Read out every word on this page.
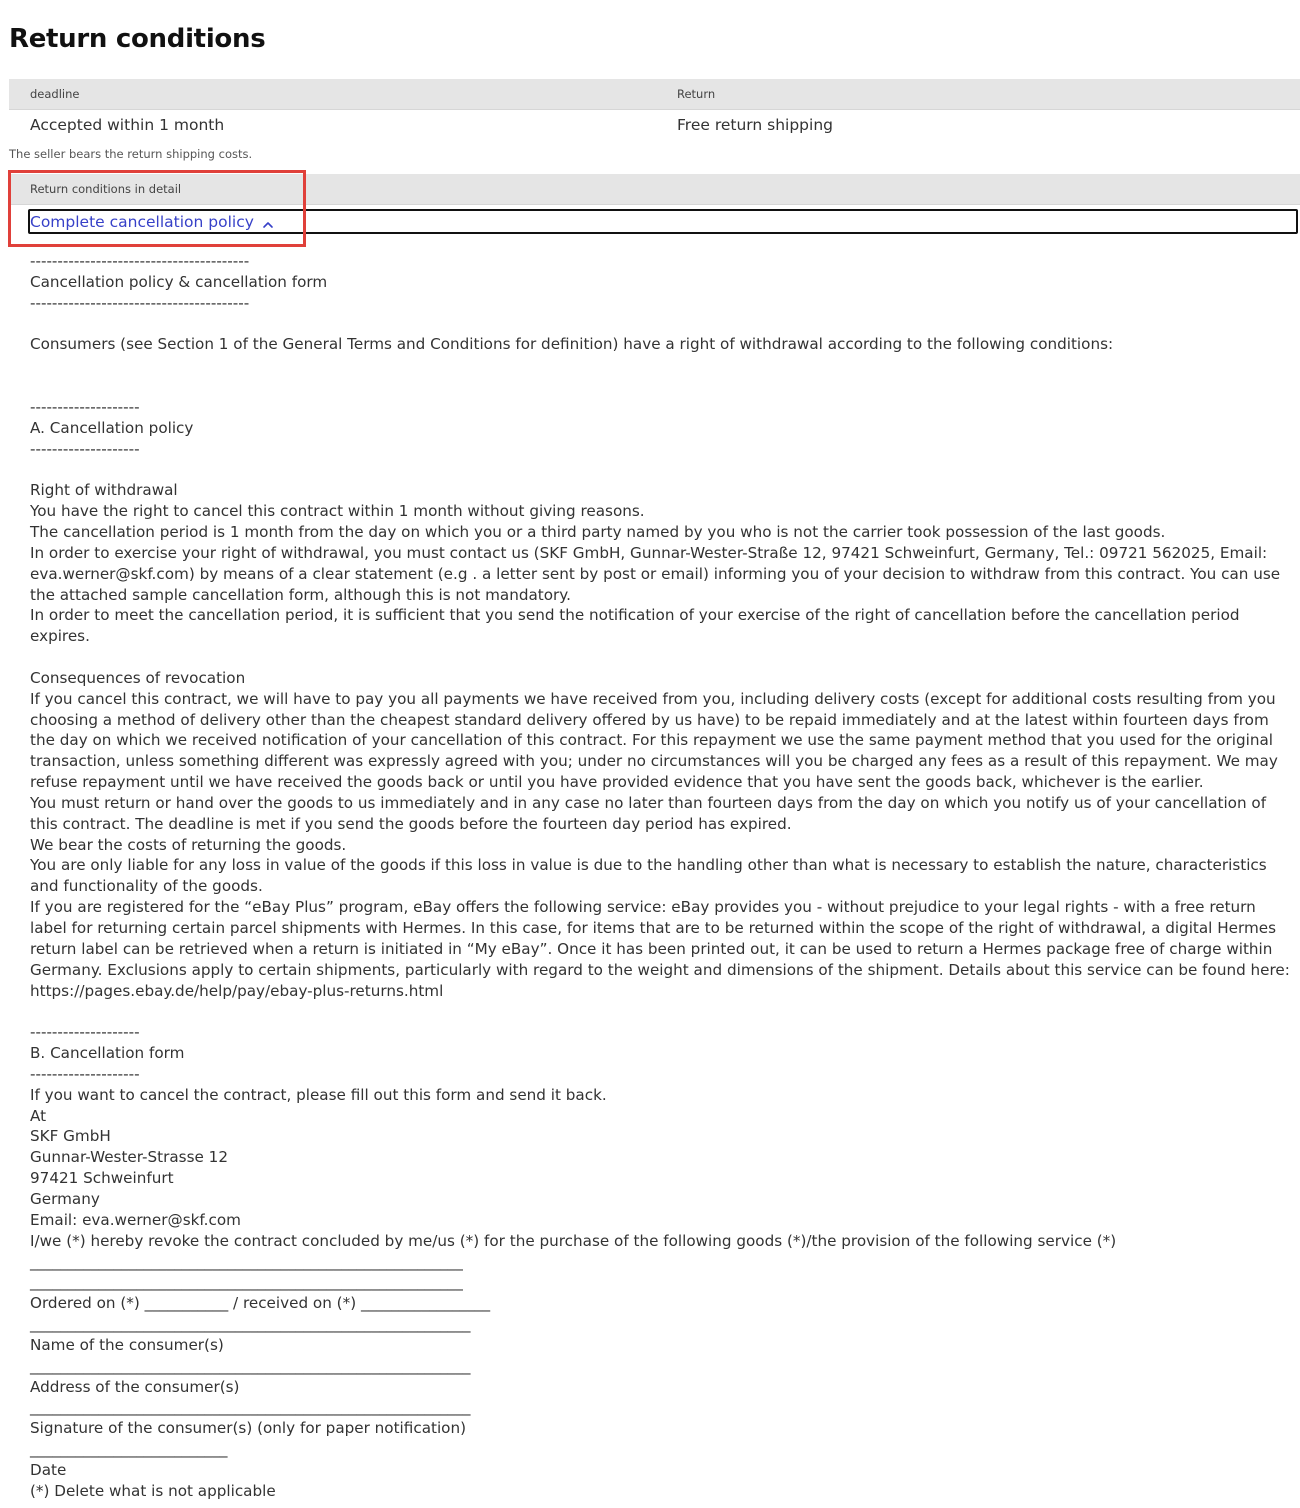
Return conditions
deadline	Return
Accepted within 1 month	Free return shipping
The seller bears the return shipping costs.
Return conditions in detail
Complete cancellation policy
----------------------------------------
Cancellation policy & cancellation form
----------------------------------------

Consumers (see Section 1 of the General Terms and Conditions for definition) have a right of withdrawal according to the following conditions:

--------------------
A. Cancellation policy
--------------------

Right of withdrawal
You have the right to cancel this contract within 1 month without giving reasons.
The cancellation period is 1 month from the day on which you or a third party named by you who is not the carrier took possession of the last goods.
In order to exercise your right of withdrawal, you must contact us (SKF GmbH, Gunnar-Wester-Straße 12, 97421 Schweinfurt, Germany, Tel.: 09721 562025, Email: eva.werner@skf.com) by means of a clear statement (e.g . a letter sent by post or email) informing you of your decision to withdraw from this contract. You can use the attached sample cancellation form, although this is not mandatory.
In order to meet the cancellation period, it is sufficient that you send the notification of your exercise of the right of cancellation before the cancellation period expires.

Consequences of revocation
If you cancel this contract, we will have to pay you all payments we have received from you, including delivery costs (except for additional costs resulting from you choosing a method of delivery other than the cheapest standard delivery offered by us have) to be repaid immediately and at the latest within fourteen days from the day on which we received notification of your cancellation of this contract. For this repayment we use the same payment method that you used for the original transaction, unless something different was expressly agreed with you; under no circumstances will you be charged any fees as a result of this repayment. We may refuse repayment until we have received the goods back or until you have provided evidence that you have sent the goods back, whichever is the earlier.
You must return or hand over the goods to us immediately and in any case no later than fourteen days from the day on which you notify us of your cancellation of this contract. The deadline is met if you send the goods before the fourteen day period has expired.
We bear the costs of returning the goods.
You are only liable for any loss in value of the goods if this loss in value is due to the handling other than what is necessary to establish the nature, characteristics and functionality of the goods.
If you are registered for the “eBay Plus” program, eBay offers the following service: eBay provides you - without prejudice to your legal rights - with a free return label for returning certain parcel shipments with Hermes. In this case, for items that are to be returned within the scope of the right of withdrawal, a digital Hermes return label can be retrieved when a return is initiated in “My eBay”. Once it has been printed out, it can be used to return a Hermes package free of charge within Germany. Exclusions apply to certain shipments, particularly with regard to the weight and dimensions of the shipment. Details about this service can be found here: https://pages.ebay.de/help/pay/ebay-plus-returns.html

--------------------
B. Cancellation form
--------------------
If you want to cancel the contract, please fill out this form and send it back.
At
SKF GmbH
Gunnar-Wester-Strasse 12
97421 Schweinfurt
Germany
Email: eva.werner@skf.com
I/we (*) hereby revoke the contract concluded by me/us (*) for the purchase of the following goods (*)/the provision of the following service (*)
_________________________________________________________
_________________________________________________________
Ordered on (*) ___________ / received on (*) _________________
__________________________________________________________
Name of the consumer(s)
__________________________________________________________
Address of the consumer(s)
__________________________________________________________
Signature of the consumer(s) (only for paper notification)
__________________________
Date
(*) Delete what is not applicable
